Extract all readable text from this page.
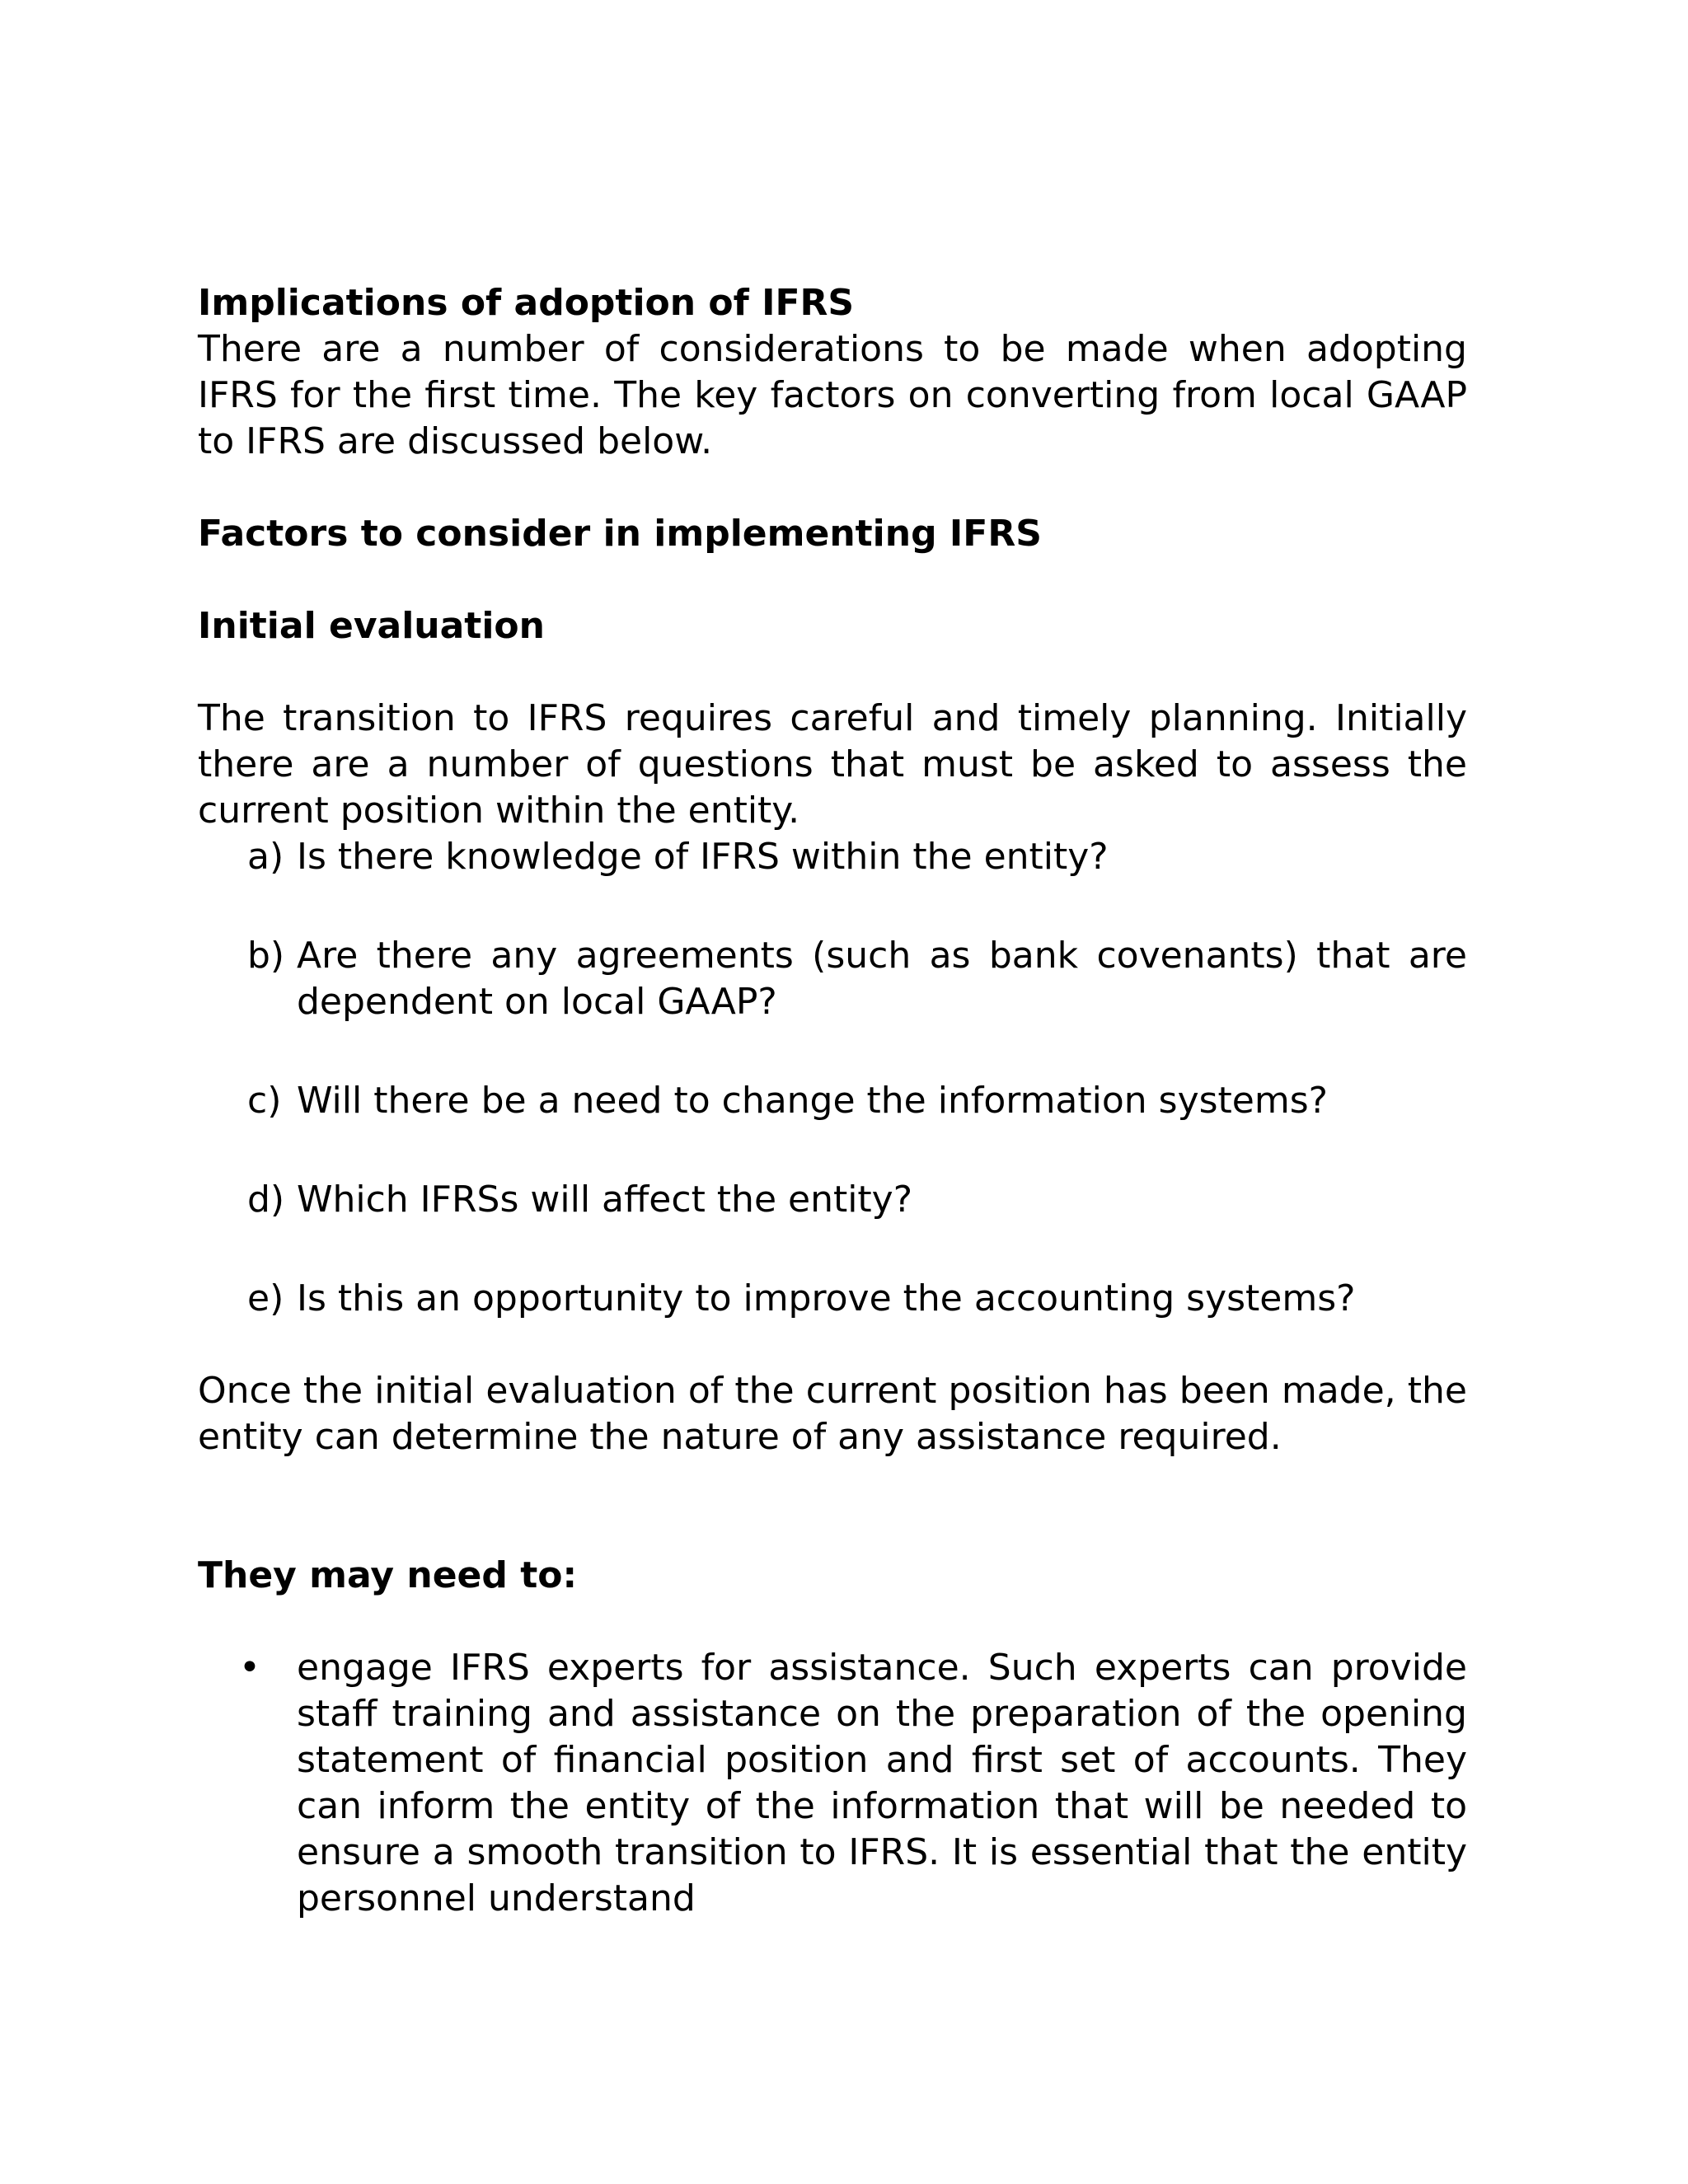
Implications of adoption of IFRS

There are a number of considerations to be made when adopting IFRS for the first time. The key factors on converting from local GAAP to IFRS are discussed below.

Factors to consider in implementing IFRS

Initial evaluation

The transition to IFRS requires careful and timely planning. Initially there are a number of questions that must be asked to assess the current position within the entity.

a) Is there knowledge of IFRS within the entity?
b) Are there any agreements (such as bank covenants) that are dependent on local GAAP?
c) Will there be a need to change the information systems?
d) Which IFRSs will affect the entity?
e) Is this an opportunity to improve the accounting systems?

Once the initial evaluation of the current position has been made, the entity can determine the nature of any assistance required.

They may need to:

•	engage IFRS experts for assistance. Such experts can provide staff training and assistance on the preparation of the opening statement of financial position and first set of accounts. They can inform the entity of the information that will be needed to ensure a smooth transition to IFRS. It is essential that the entity personnel understand
